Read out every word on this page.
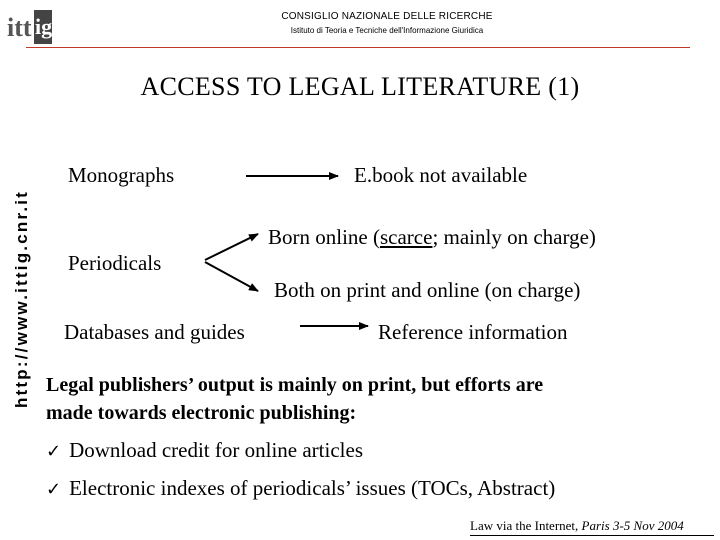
itt ig	CONSIGLIO NAZIONALE DELLE RICERCHE
Istituto di Teoria e Tecniche dell'Informazione Giuridica
http://www.ittig.cnr.it
ACCESS TO LEGAL LITERATURE (1)
Monographs	E.book not available
Born online (scarce; mainly on charge)
Periodicals
Both on print and online (on charge)
Databases and guides	Reference information
Legal publishers’ output is mainly on print, but efforts are
made towards electronic publishing:
✓ Download credit for online articles
✓ Electronic indexes of periodicals’ issues (TOCs, Abstract)
Law via the Internet, Paris 3-5 Nov 2004
